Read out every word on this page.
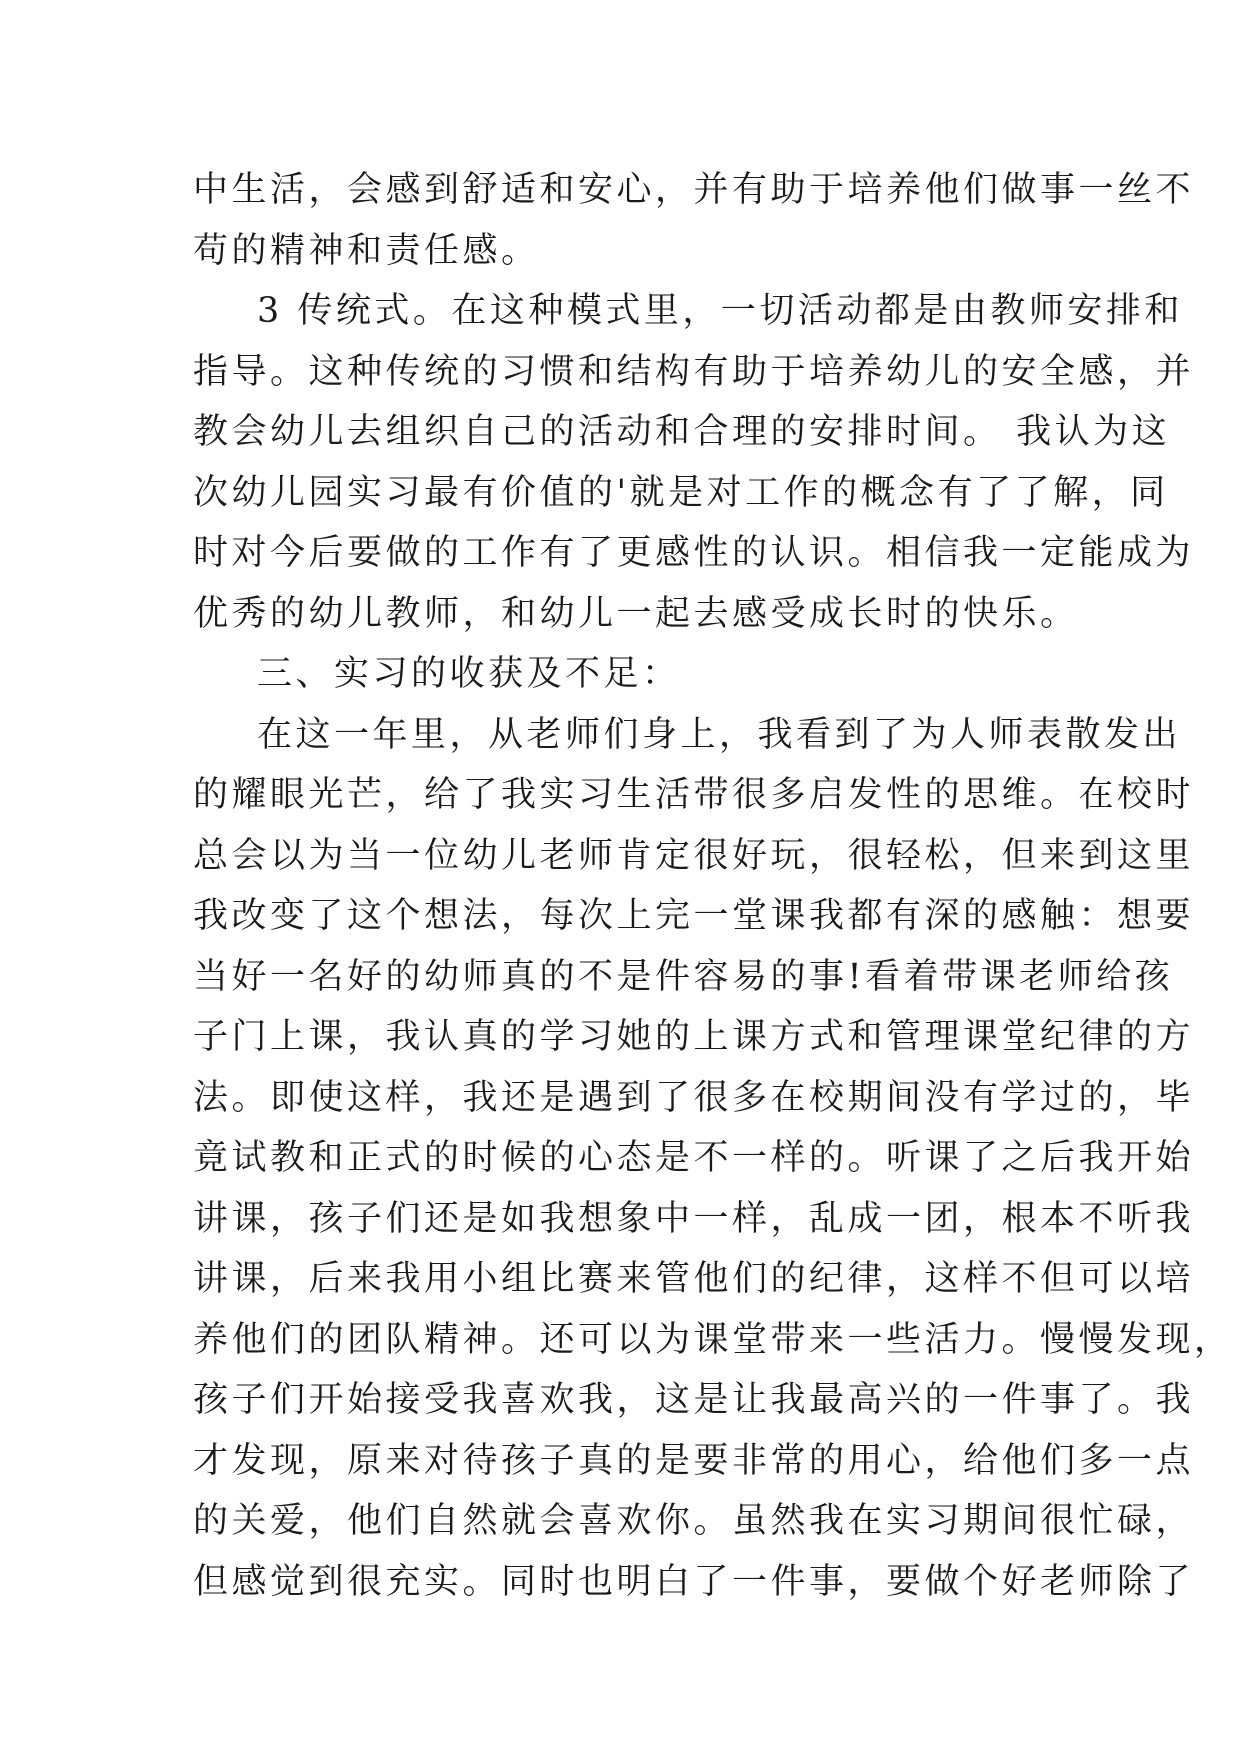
中生活，会感到舒适和安心，并有助于培养他们做事一丝不
苟的精神和责任感。
3 传统式。在这种模式里，一切活动都是由教师安排和
指导。这种传统的习惯和结构有助于培养幼儿的安全感，并
教会幼儿去组织自己的活动和合理的安排时间。 我认为这
次幼儿园实习最有价值的'就是对工作的概念有了了解，同
时对今后要做的工作有了更感性的认识。相信我一定能成为
优秀的幼儿教师，和幼儿一起去感受成长时的快乐。
三、实习的收获及不足：
在这一年里，从老师们身上，我看到了为人师表散发出
的耀眼光芒，给了我实习生活带很多启发性的思维。在校时
总会以为当一位幼儿老师肯定很好玩，很轻松，但来到这里
我改变了这个想法，每次上完一堂课我都有深的感触：想要
当好一名好的幼师真的不是件容易的事!看着带课老师给孩
子门上课，我认真的学习她的上课方式和管理课堂纪律的方
法。即使这样，我还是遇到了很多在校期间没有学过的，毕
竟试教和正式的时候的心态是不一样的。听课了之后我开始
讲课，孩子们还是如我想象中一样，乱成一团，根本不听我
讲课，后来我用小组比赛来管他们的纪律，这样不但可以培
养他们的团队精神。还可以为课堂带来一些活力。慢慢发现，
孩子们开始接受我喜欢我，这是让我最高兴的一件事了。我
才发现，原来对待孩子真的是要非常的用心，给他们多一点
的关爱，他们自然就会喜欢你。虽然我在实习期间很忙碌，
但感觉到很充实。同时也明白了一件事，要做个好老师除了
